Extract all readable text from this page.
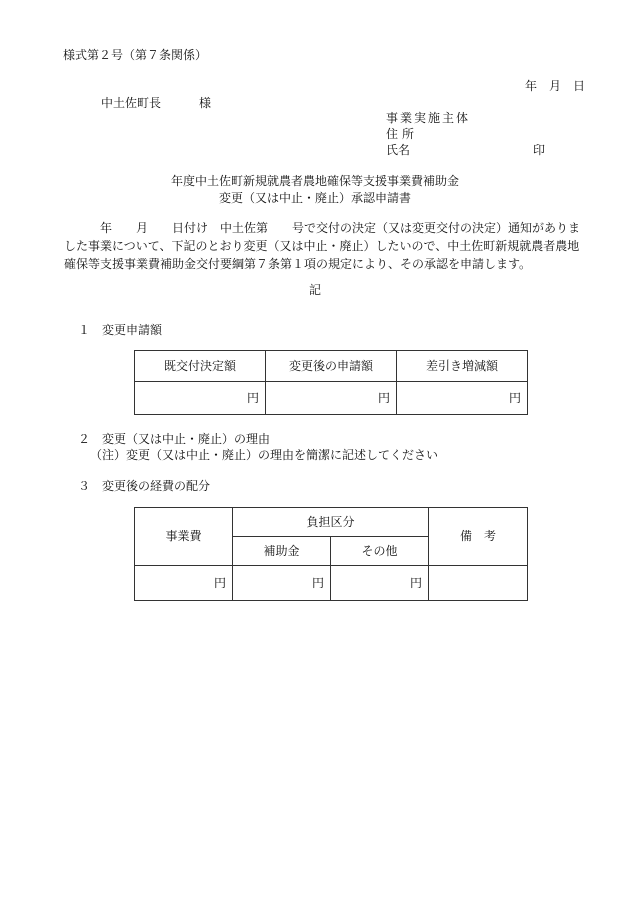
様式第２号（第７条関係）
年 月 日
中土佐町長	様
事業実施主体
住所
氏名	印
年度中土佐町新規就農者農地確保等支援事業費補助金
変更（又は中止・廃止）承認申請書
年　　月　　日付け　中土佐第　　号で交付の決定（又は変更交付の決定）通知がありま
した事業について、下記のとおり変更（又は中止・廃止）したいので、中土佐町新規就農者農地
確保等支援事業費補助金交付要綱第７条第１項の規定により、その承認を申請します。
記
１　変更申請額
既交付決定額	変更後の申請額	差引き増減額
円	円	円
２　変更（又は中止・廃止）の理由
（注）変更（又は中止・廃止）の理由を簡潔に記述してください
３　変更後の経費の配分
事業費	負担区分		備　考
	補助金	その他	
円	円	円	
